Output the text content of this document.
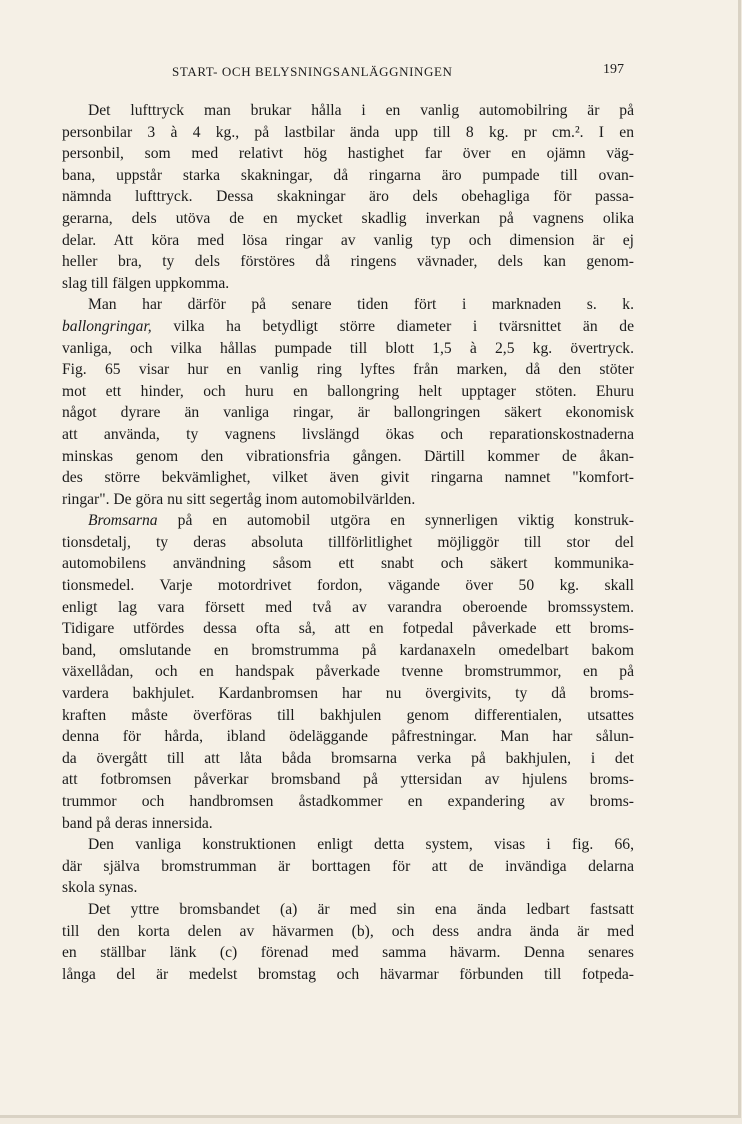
START- OCH BELYSNINGSANLÄGGNINGEN	197
Det lufttryck man brukar hålla i en vanlig automobilring är på
personbilar 3 à 4 kg., på lastbilar ända upp till 8 kg. pr cm.². I en
personbil, som med relativt hög hastighet far över en ojämn väg-
bana, uppstår starka skakningar, då ringarna äro pumpade till ovan-
nämnda lufttryck. Dessa skakningar äro dels obehagliga för passa-
gerarna, dels utöva de en mycket skadlig inverkan på vagnens olika
delar. Att köra med lösa ringar av vanlig typ och dimension är ej
heller bra, ty dels förstöres då ringens vävnader, dels kan genom-
slag till fälgen uppkomma.
Man har därför på senare tiden fört i marknaden s. k.
ballongringar, vilka ha betydligt större diameter i tvärsnittet än de
vanliga, och vilka hållas pumpade till blott 1,5 à 2,5 kg. övertryck.
Fig. 65 visar hur en vanlig ring lyftes från marken, då den stöter
mot ett hinder, och huru en ballongring helt upptager stöten. Ehuru
något dyrare än vanliga ringar, är ballongringen säkert ekonomisk
att använda, ty vagnens livslängd ökas och reparationskostnaderna
minskas genom den vibrationsfria gången. Därtill kommer de åkan-
des större bekvämlighet, vilket även givit ringarna namnet "komfort-
ringar". De göra nu sitt segertåg inom automobilvärlden.
Bromsarna på en automobil utgöra en synnerligen viktig konstruk-
tionsdetalj, ty deras absoluta tillförlitlighet möjliggör till stor del
automobilens användning såsom ett snabt och säkert kommunika-
tionsmedel. Varje motordrivet fordon, vägande över 50 kg. skall
enligt lag vara försett med två av varandra oberoende bromssystem.
Tidigare utfördes dessa ofta så, att en fotpedal påverkade ett broms-
band, omslutande en bromstrumma på kardanaxeln omedelbart bakom
växellådan, och en handspak påverkade tvenne bromstrummor, en på
vardera bakhjulet. Kardanbromsen har nu övergivits, ty då broms-
kraften måste överföras till bakhjulen genom differentialen, utsattes
denna för hårda, ibland ödeläggande påfrestningar. Man har sålun-
da övergått till att låta båda bromsarna verka på bakhjulen, i det
att fotbromsen påverkar bromsband på yttersidan av hjulens broms-
trummor och handbromsen åstadkommer en expandering av broms-
band på deras innersida.
Den vanliga konstruktionen enligt detta system, visas i fig. 66,
där själva bromstrumman är borttagen för att de invändiga delarna
skola synas.
Det yttre bromsbandet (a) är med sin ena ända ledbart fastsatt
till den korta delen av hävarmen (b), och dess andra ända är med
en ställbar länk (c) förenad med samma hävarm. Denna senares
långa del är medelst bromstag och hävarmar förbunden till fotpeda-
